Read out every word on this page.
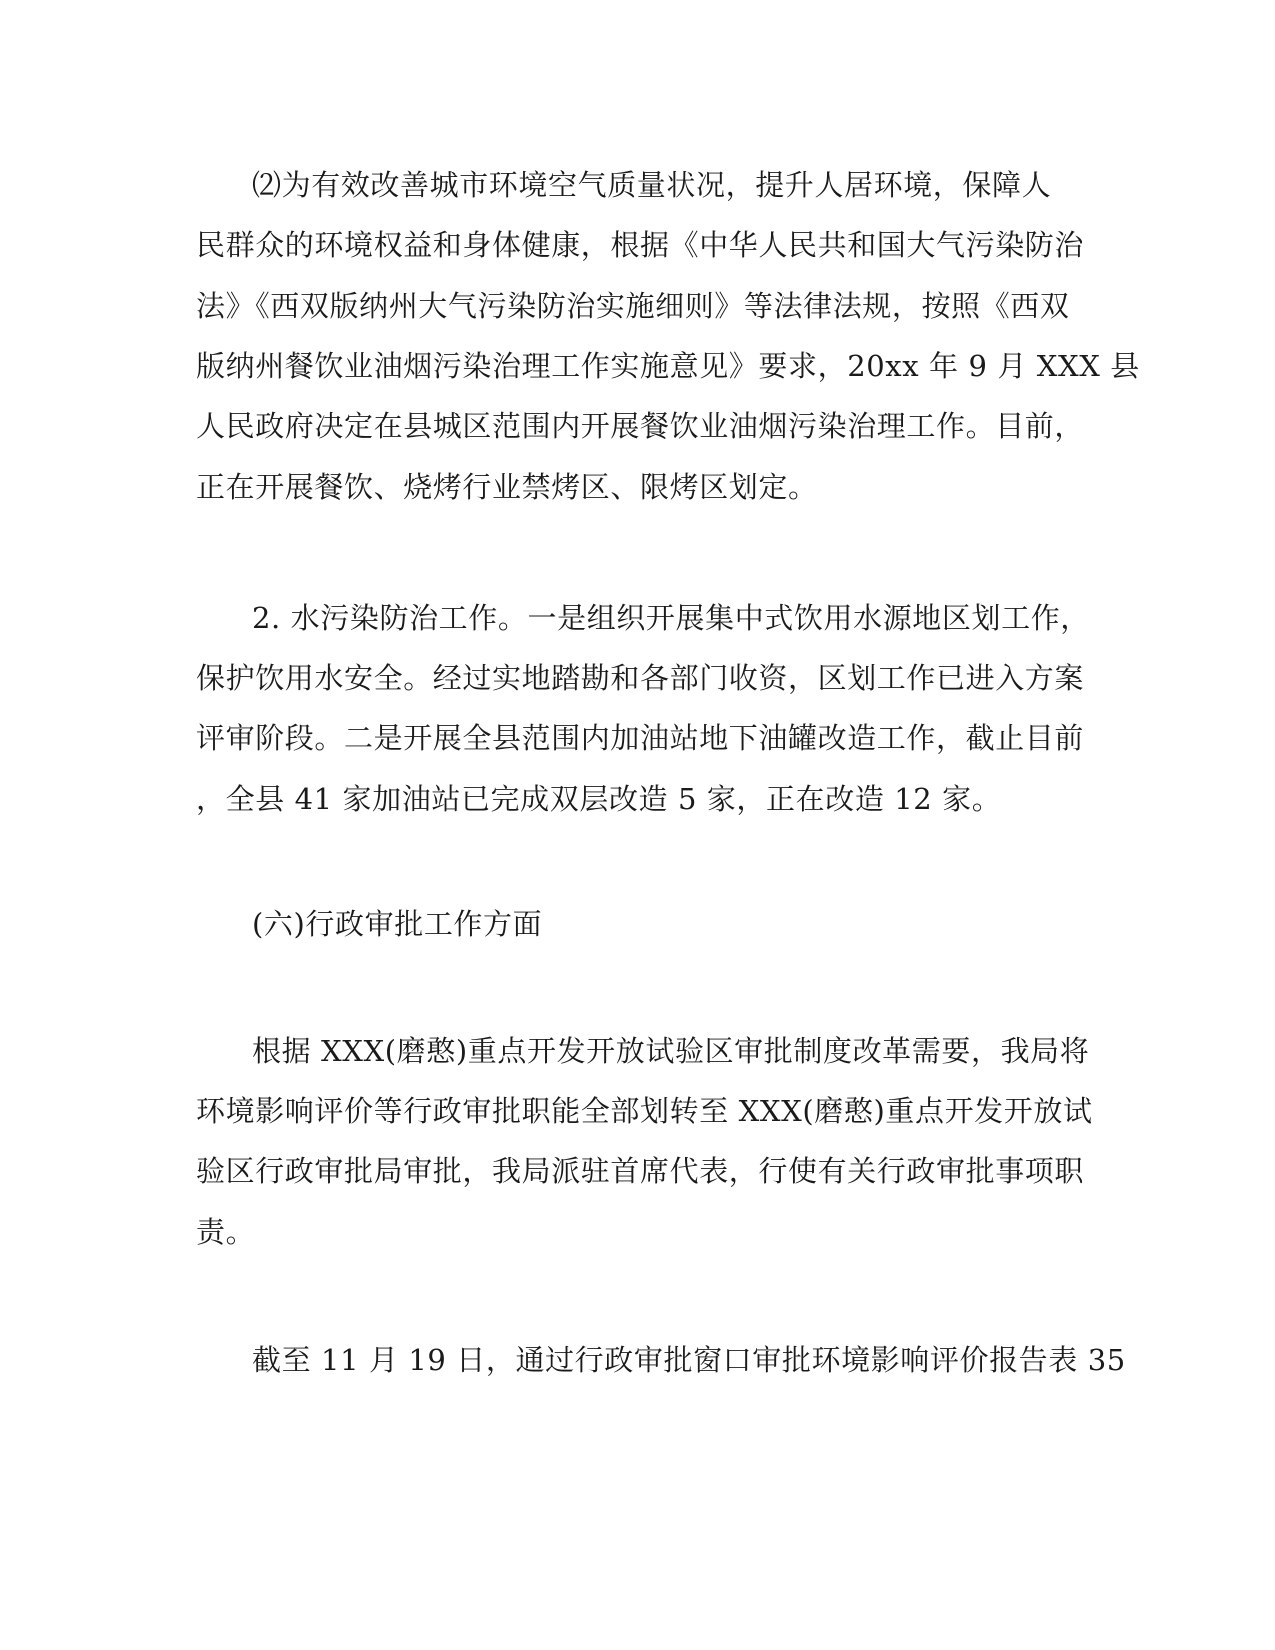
⑵为有效改善城市环境空气质量状况，提升人居环境，保障人
民群众的环境权益和身体健康，根据《中华人民共和国大气污染防治
法》《西双版纳州大气污染防治实施细则》等法律法规，按照《西双
版纳州餐饮业油烟污染治理工作实施意见》要求，20xx 年 9 月 XXX 县
人民政府决定在县城区范围内开展餐饮业油烟污染治理工作。目前，
正在开展餐饮、烧烤行业禁烤区、限烤区划定。
2. 水污染防治工作。一是组织开展集中式饮用水源地区划工作，
保护饮用水安全。经过实地踏勘和各部门收资，区划工作已进入方案
评审阶段。二是开展全县范围内加油站地下油罐改造工作，截止目前
，全县 41 家加油站已完成双层改造 5 家，正在改造 12 家。
(六)行政审批工作方面
根据 XXX(磨憨)重点开发开放试验区审批制度改革需要，我局将
环境影响评价等行政审批职能全部划转至 XXX(磨憨)重点开发开放试
验区行政审批局审批，我局派驻首席代表，行使有关行政审批事项职
责。
截至 11 月 19 日，通过行政审批窗口审批环境影响评价报告表 35
